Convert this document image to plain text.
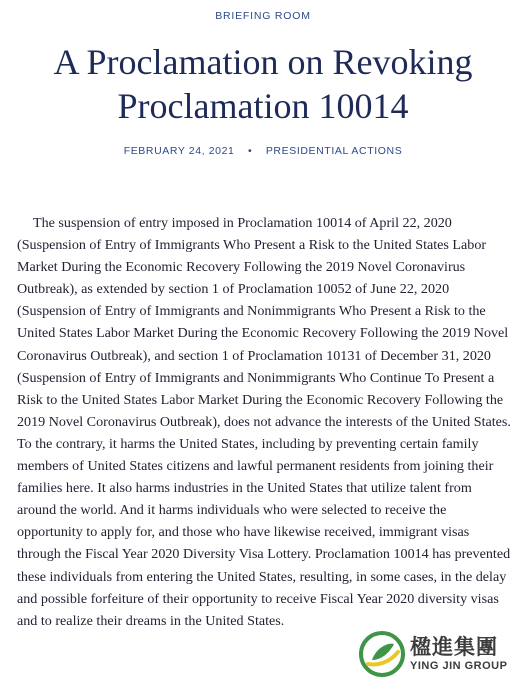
BRIEFING ROOM
A Proclamation on Revoking
Proclamation 10014
FEBRUARY 24, 2021 • PRESIDENTIAL ACTIONS

The suspension of entry imposed in Proclamation 10014 of April 22, 2020 (Suspension of Entry of Immigrants Who Present a Risk to the United States Labor Market During the Economic Recovery Following the 2019 Novel Coronavirus Outbreak), as extended by section 1 of Proclamation 10052 of June 22, 2020 (Suspension of Entry of Immigrants and Nonimmigrants Who Present a Risk to the United States Labor Market During the Economic Recovery Following the 2019 Novel Coronavirus Outbreak), and section 1 of Proclamation 10131 of December 31, 2020 (Suspension of Entry of Immigrants and Nonimmigrants Who Continue To Present a Risk to the United States Labor Market During the Economic Recovery Following the 2019 Novel Coronavirus Outbreak), does not advance the interests of the United States. To the contrary, it harms the United States, including by preventing certain family members of United States citizens and lawful permanent residents from joining their families here. It also harms industries in the United States that utilize talent from around the world. And it harms individuals who were selected to receive the opportunity to apply for, and those who have likewise received, immigrant visas through the Fiscal Year 2020 Diversity Visa Lottery. Proclamation 10014 has prevented these individuals from entering the United States, resulting, in some cases, in the delay and possible forfeiture of their opportunity to receive Fiscal Year 2020 diversity visas and to realize their dreams in the United States.

楹進集團
YING JIN GROUP
